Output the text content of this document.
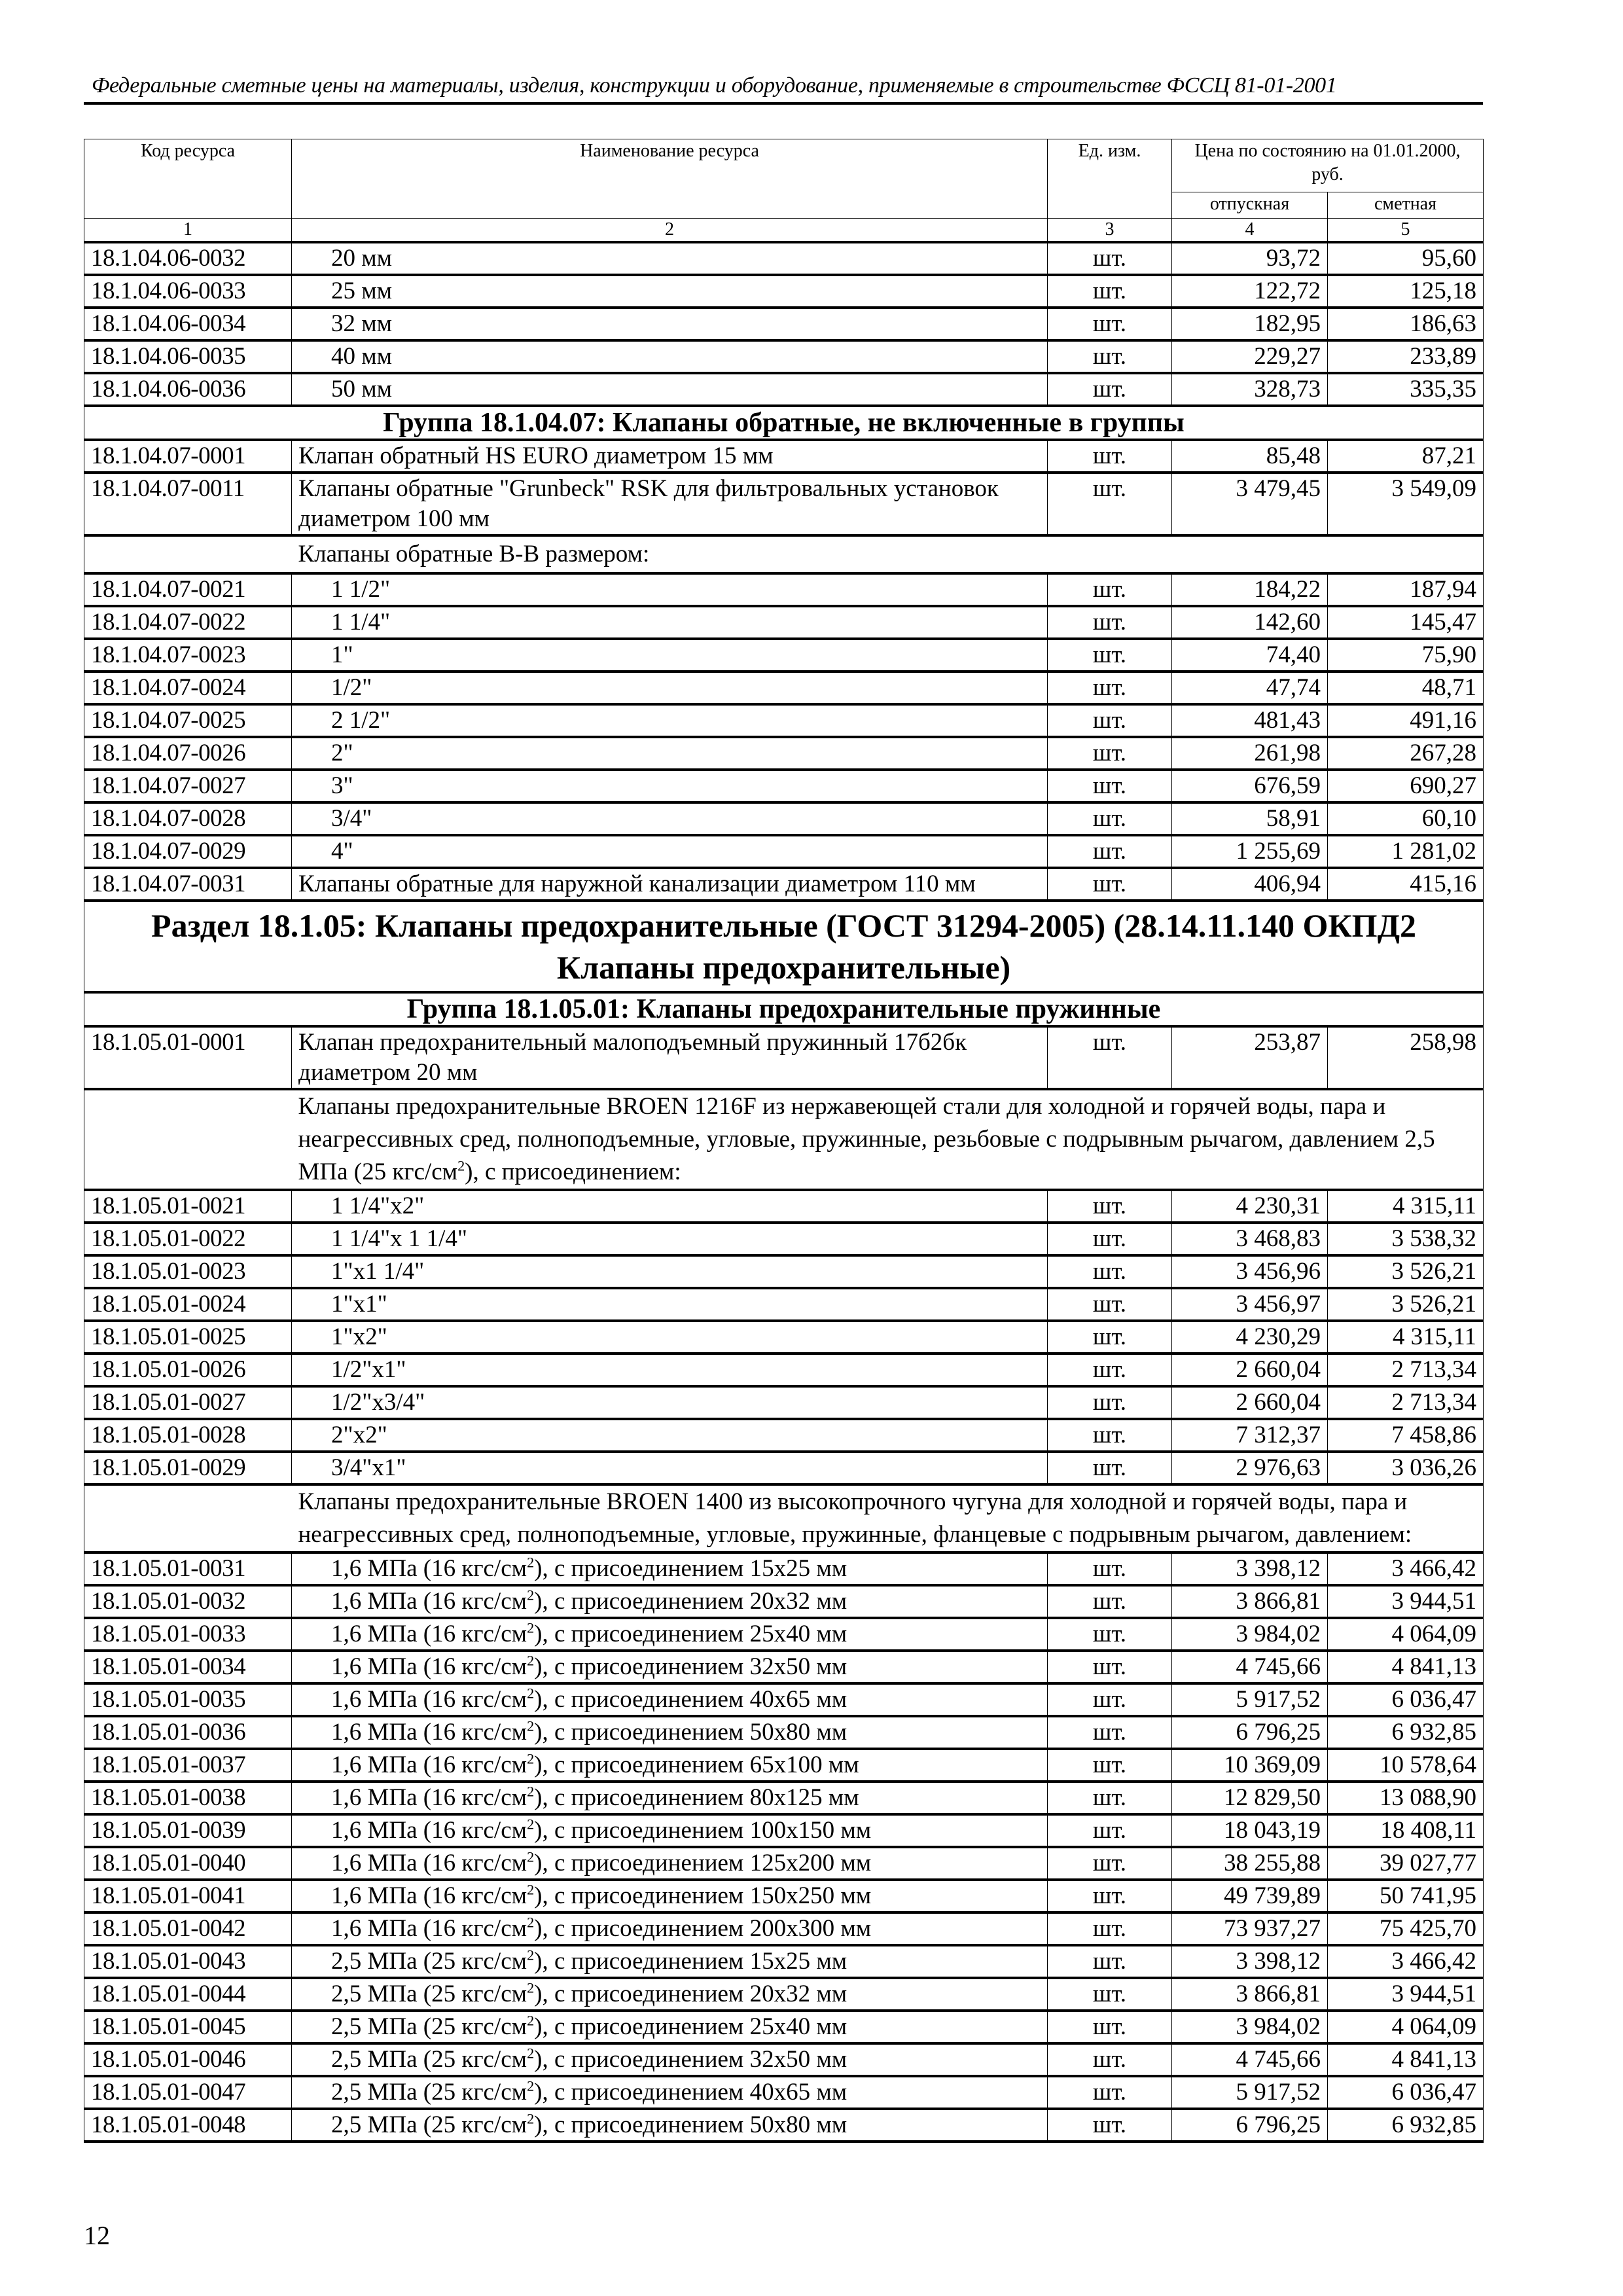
Федеральные сметные цены на материалы, изделия, конструкции и оборудование, применяемые в строительстве ФССЦ 81-01-2001
Код ресурса	Наименование ресурса	Ед. изм.	Цена по состоянию на 01.01.2000, руб.	
			отпускная	сметная
1	2	3	4	5
18.1.04.06-0032	20 мм	шт.	93,72	95,60
18.1.04.06-0033	25 мм	шт.	122,72	125,18
18.1.04.06-0034	32 мм	шт.	182,95	186,63
18.1.04.06-0035	40 мм	шт.	229,27	233,89
18.1.04.06-0036	50 мм	шт.	328,73	335,35
Группа 18.1.04.07: Клапаны обратные, не включенные в группы				
18.1.04.07-0001	Клапан обратный HS EURO диаметром 15 мм	шт.	85,48	87,21
18.1.04.07-0011	Клапаны обратные "Grunbeck" RSK для фильтровальных установок диаметром 100 мм	шт.	3 479,45	3 549,09
	Клапаны обратные В-В размером:			
18.1.04.07-0021	1 1/2"	шт.	184,22	187,94
18.1.04.07-0022	1 1/4"	шт.	142,60	145,47
18.1.04.07-0023	1"	шт.	74,40	75,90
18.1.04.07-0024	1/2"	шт.	47,74	48,71
18.1.04.07-0025	2 1/2"	шт.	481,43	491,16
18.1.04.07-0026	2"	шт.	261,98	267,28
18.1.04.07-0027	3"	шт.	676,59	690,27
18.1.04.07-0028	3/4"	шт.	58,91	60,10
18.1.04.07-0029	4"	шт.	1 255,69	1 281,02
18.1.04.07-0031	Клапаны обратные для наружной канализации диаметром 110 мм	шт.	406,94	415,16
Раздел 18.1.05: Клапаны предохранительные (ГОСТ 31294-2005) (28.14.11.140 ОКПД2 Клапаны предохранительные)				
Группа 18.1.05.01: Клапаны предохранительные пружинные				
18.1.05.01-0001	Клапан предохранительный малоподъемный пружинный 17б2бк диаметром 20 мм	шт.	253,87	258,98
	Клапаны предохранительные BROEN 1216F из нержавеющей стали для холодной и горячей воды, пара и неагрессивных сред, полноподъемные, угловые, пружинные, резьбовые с подрывным рычагом, давлением 2,5 МПа (25 кгс/$см^2$), с присоединением:			
18.1.05.01-0021	1 1/4"x2"	шт.	4 230,31	4 315,11
18.1.05.01-0022	1 1/4"x 1 1/4"	шт.	3 468,83	3 538,32
18.1.05.01-0023	1"x1 1/4"	шт.	3 456,96	3 526,21
18.1.05.01-0024	1"x1"	шт.	3 456,97	3 526,21
18.1.05.01-0025	1"x2"	шт.	4 230,29	4 315,11
18.1.05.01-0026	1/2"x1"	шт.	2 660,04	2 713,34
18.1.05.01-0027	1/2"x3/4"	шт.	2 660,04	2 713,34
18.1.05.01-0028	2"x2"	шт.	7 312,37	7 458,86
18.1.05.01-0029	3/4"x1"	шт.	2 976,63	3 036,26
	Клапаны предохранительные BROEN 1400 из высокопрочного чугуна для холодной и горячей воды, пара и неагрессивных сред, полноподъемные, угловые, пружинные, фланцевые с подрывным рычагом, давлением:			
18.1.05.01-0031	1,6 МПа (16 кгс/$см^2$), с присоединением 15x25 мм	шт.	3 398,12	3 466,42
18.1.05.01-0032	1,6 МПа (16 кгс/$см^2$), с присоединением 20x32 мм	шт.	3 866,81	3 944,51
18.1.05.01-0033	1,6 МПа (16 кгс/$см^2$), с присоединением 25x40 мм	шт.	3 984,02	4 064,09
18.1.05.01-0034	1,6 МПа (16 кгс/$см^2$), с присоединением 32x50 мм	шт.	4 745,66	4 841,13
18.1.05.01-0035	1,6 МПа (16 кгс/$см^2$), с присоединением 40x65 мм	шт.	5 917,52	6 036,47
18.1.05.01-0036	1,6 МПа (16 кгс/$см^2$), с присоединением 50x80 мм	шт.	6 796,25	6 932,85
18.1.05.01-0037	1,6 МПа (16 кгс/$см^2$), с присоединением 65x100 мм	шт.	10 369,09	10 578,64
18.1.05.01-0038	1,6 МПа (16 кгс/$см^2$), с присоединением 80x125 мм	шт.	12 829,50	13 088,90
18.1.05.01-0039	1,6 МПа (16 кгс/$см^2$), с присоединением 100x150 мм	шт.	18 043,19	18 408,11
18.1.05.01-0040	1,6 МПа (16 кгс/$см^2$), с присоединением 125x200 мм	шт.	38 255,88	39 027,77
18.1.05.01-0041	1,6 МПа (16 кгс/$см^2$), с присоединением 150x250 мм	шт.	49 739,89	50 741,95
18.1.05.01-0042	1,6 МПа (16 кгс/$см^2$), с присоединением 200x300 мм	шт.	73 937,27	75 425,70
18.1.05.01-0043	2,5 МПа (25 кгс/$см^2$), с присоединением 15x25 мм	шт.	3 398,12	3 466,42
18.1.05.01-0044	2,5 МПа (25 кгс/$см^2$), с присоединением 20x32 мм	шт.	3 866,81	3 944,51
18.1.05.01-0045	2,5 МПа (25 кгс/$см^2$), с присоединением 25x40 мм	шт.	3 984,02	4 064,09
18.1.05.01-0046	2,5 МПа (25 кгс/$см^2$), с присоединением 32x50 мм	шт.	4 745,66	4 841,13
18.1.05.01-0047	2,5 МПа (25 кгс/$см^2$), с присоединением 40x65 мм	шт.	5 917,52	6 036,47
18.1.05.01-0048	2,5 МПа (25 кгс/$см^2$), с присоединением 50x80 мм	шт.	6 796,25	6 932,85
12
